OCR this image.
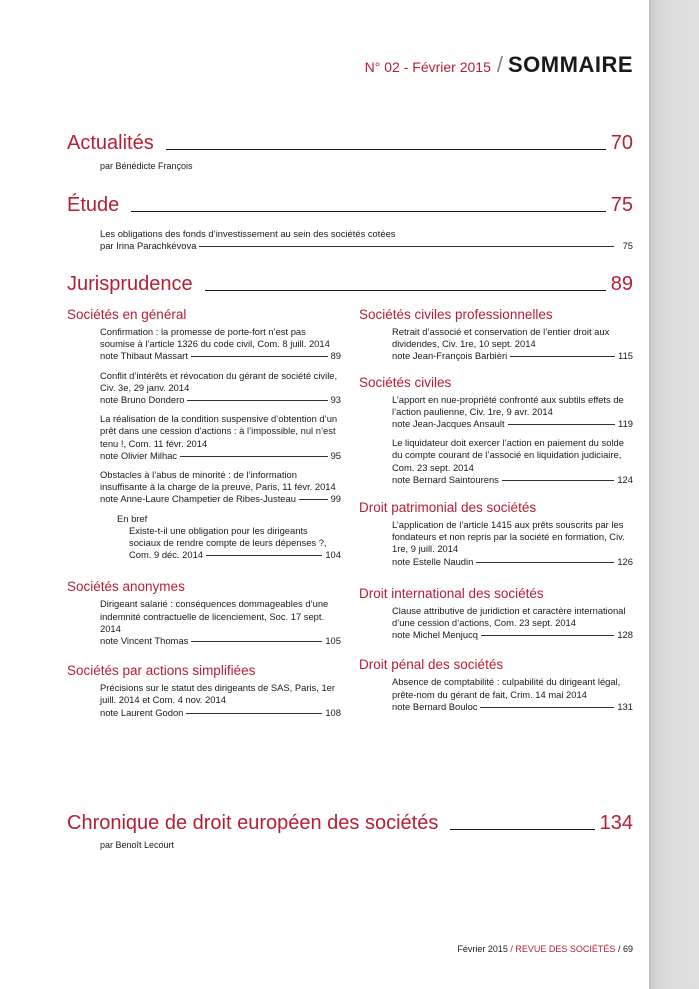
N° 02 - Février 2015 / SOMMAIRE
Actualités	70
par Bénédicte François
Étude	75
Les obligations des fonds d’investissement au sein des sociétés cotées
par Irina Parachkévova	75
Jurisprudence	89
Sociétés en général
Confirmation : la promesse de porte-fort n’est pas soumise à l’article 1326 du code civil, Com. 8 juill. 2014
note Thibaut Massart	89
Conflit d’intérêts et révocation du gérant de société civile, Civ. 3e, 29 janv. 2014
note Bruno Dondero	93
La réalisation de la condition suspensive d’obtention d’un prêt dans une cession d’actions : à l’impossible, nul n’est tenu !, Com. 11 févr. 2014
note Olivier Milhac	95
Obstacles à l’abus de minorité : de l’information insuffisante à la charge de la preuve, Paris, 11 févr. 2014
note Anne-Laure Champetier de Ribes-Justeau	99
En bref
Existe-t-il une obligation pour les dirigeants sociaux de rendre compte de leurs dépenses ?,
Com. 9 déc. 2014	104
Sociétés anonymes
Dirigeant salarié : conséquences dommageables d’une indemnité contractuelle de licenciement, Soc. 17 sept. 2014
note Vincent Thomas	105
Sociétés par actions simplifiées
Précisions sur le statut des dirigeants de SAS, Paris, 1er juill. 2014 et Com. 4 nov. 2014
note Laurent Godon	108
Sociétés civiles professionnelles
Retrait d’associé et conservation de l’entier droit aux dividendes, Civ. 1re, 10 sept. 2014
note Jean-François Barbièri	115
Sociétés civiles
L’apport en nue-propriété confronté aux subtils effets de l’action paulienne, Civ. 1re, 9 avr. 2014
note Jean-Jacques Ansault	119
Le liquidateur doit exercer l’action en paiement du solde du compte courant de l’associé en liquidation judiciaire, Com. 23 sept. 2014
note Bernard Saintourens	124
Droit patrimonial des sociétés
L’application de l’article 1415 aux prêts souscrits par les fondateurs et non repris par la société en formation, Civ. 1re, 9 juill. 2014
note Estelle Naudin	126
Droit international des sociétés
Clause attributive de juridiction et caractère international d’une cession d’actions, Com. 23 sept. 2014
note Michel Menjucq	128
Droit pénal des sociétés
Absence de comptabilité : culpabilité du dirigeant légal, prête-nom du gérant de fait, Crim. 14 mai 2014
note Bernard Bouloc	131
Chronique de droit européen des sociétés	134
par Benoît Lecourt
Février 2015 / REVUE DES SOCIÉTÉS / 69
